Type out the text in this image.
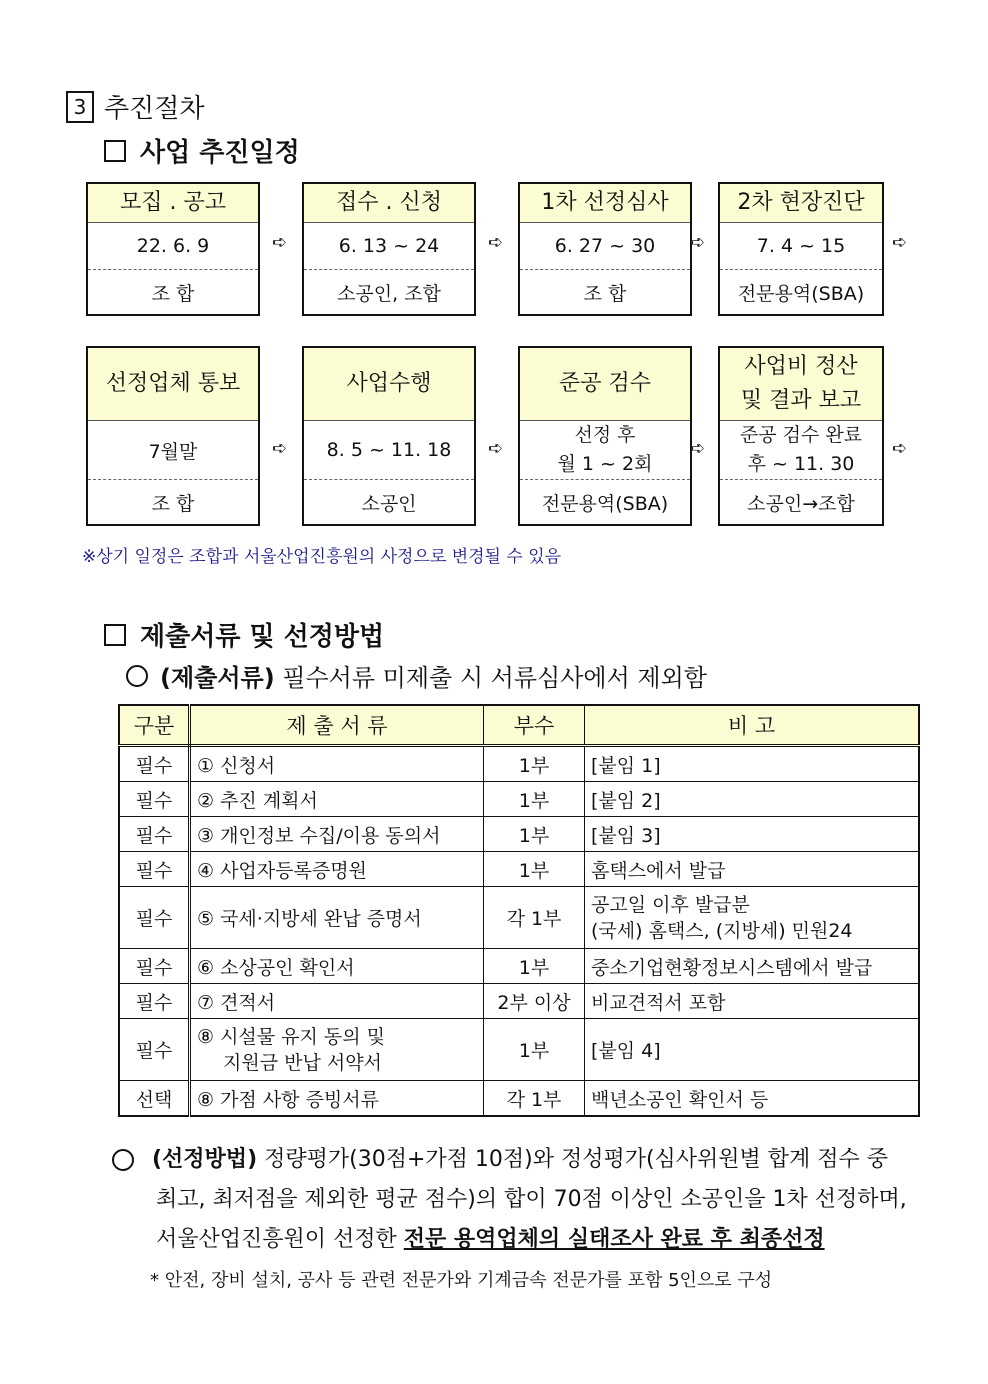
3 추진절차
사업 추진일정
모집 . 공고
22. 6. 9
조 합
접수 . 신청
6. 13 ~ 24
소공인, 조합
1차 선정심사
6. 27 ~ 30
조 합
2차 현장진단
7. 4 ~ 15
전문용역(SBA)
➪	➪	➪	➪
선정업체 통보
7월말
조 합
사업수행
8. 5 ~ 11. 18
소공인
준공 검수
선정 후
월 1 ~ 2회
전문용역(SBA)
사업비 정산
및 결과 보고
준공 검수 완료
후 ~ 11. 30
소공인→조합
➪	➪	➪	➪
※상기 일정은 조합과 서울산업진흥원의 사정으로 변경될 수 있음
제출서류 및 선정방법
(제출서류) 필수서류 미제출 시 서류심사에서 제외함
구분	제 출 서 류	부수	비 고
필수	① 신청서	1부	[붙임 1]
필수	② 추진 계획서	1부	[붙임 2]
필수	③ 개인정보 수집/이용 동의서	1부	[붙임 3]
필수	④ 사업자등록증명원	1부	홈택스에서 발급
필수	⑤ 국세·지방세 완납 증명서	각 1부	공고일 이후 발급분
(국세) 홈택스, (지방세) 민원24

필수	⑥ 소상공인 확인서	1부	중소기업현황정보시스템에서 발급
필수	⑦ 견적서	2부 이상	비교견적서 포함
필수	⑧ 시설물 유지 동의 및
지원금 반납 서약서	1부	[붙임 4]
선택	⑧ 가점 사항 증빙서류	각 1부	백년소공인 확인서 등
(선정방법) 정량평가(30점+가점 10점)와 정성평가(심사위원별 합계 점수 중
최고, 최저점을 제외한 평균 점수)의 합이 70점 이상인 소공인을 1차 선정하며,
서울산업진흥원이 선정한 전문 용역업체의 실태조사 완료 후 최종선정
* 안전, 장비 설치, 공사 등 관련 전문가와 기계금속 전문가를 포함 5인으로 구성
